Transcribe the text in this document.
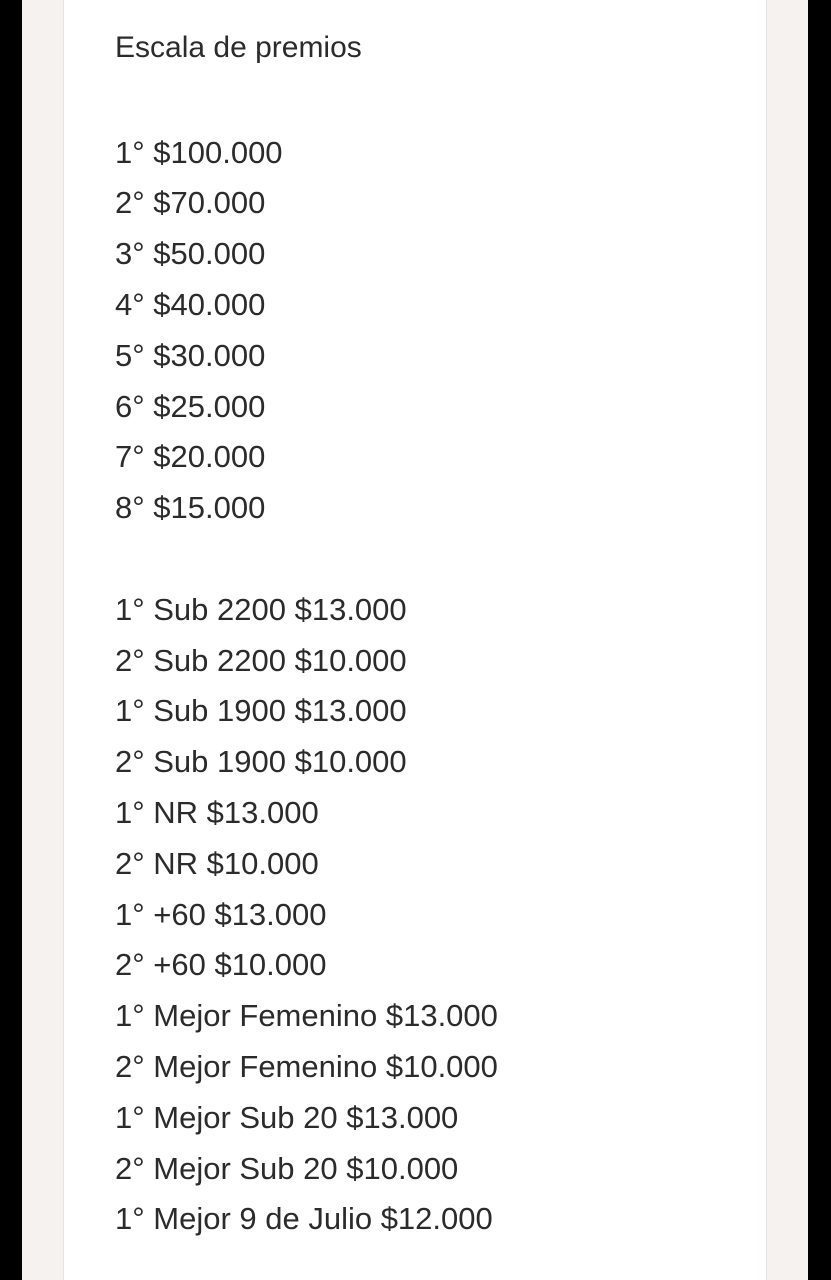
Escala de premios
1° $100.000
2° $70.000
3° $50.000
4° $40.000
5° $30.000
6° $25.000
7° $20.000
8° $15.000
1° Sub 2200 $13.000
2° Sub 2200 $10.000
1° Sub 1900 $13.000
2° Sub 1900 $10.000
1° NR $13.000
2° NR $10.000
1° +60 $13.000
2° +60 $10.000
1° Mejor Femenino $13.000
2° Mejor Femenino $10.000
1° Mejor Sub 20 $13.000
2° Mejor Sub 20 $10.000
1° Mejor 9 de Julio $12.000
